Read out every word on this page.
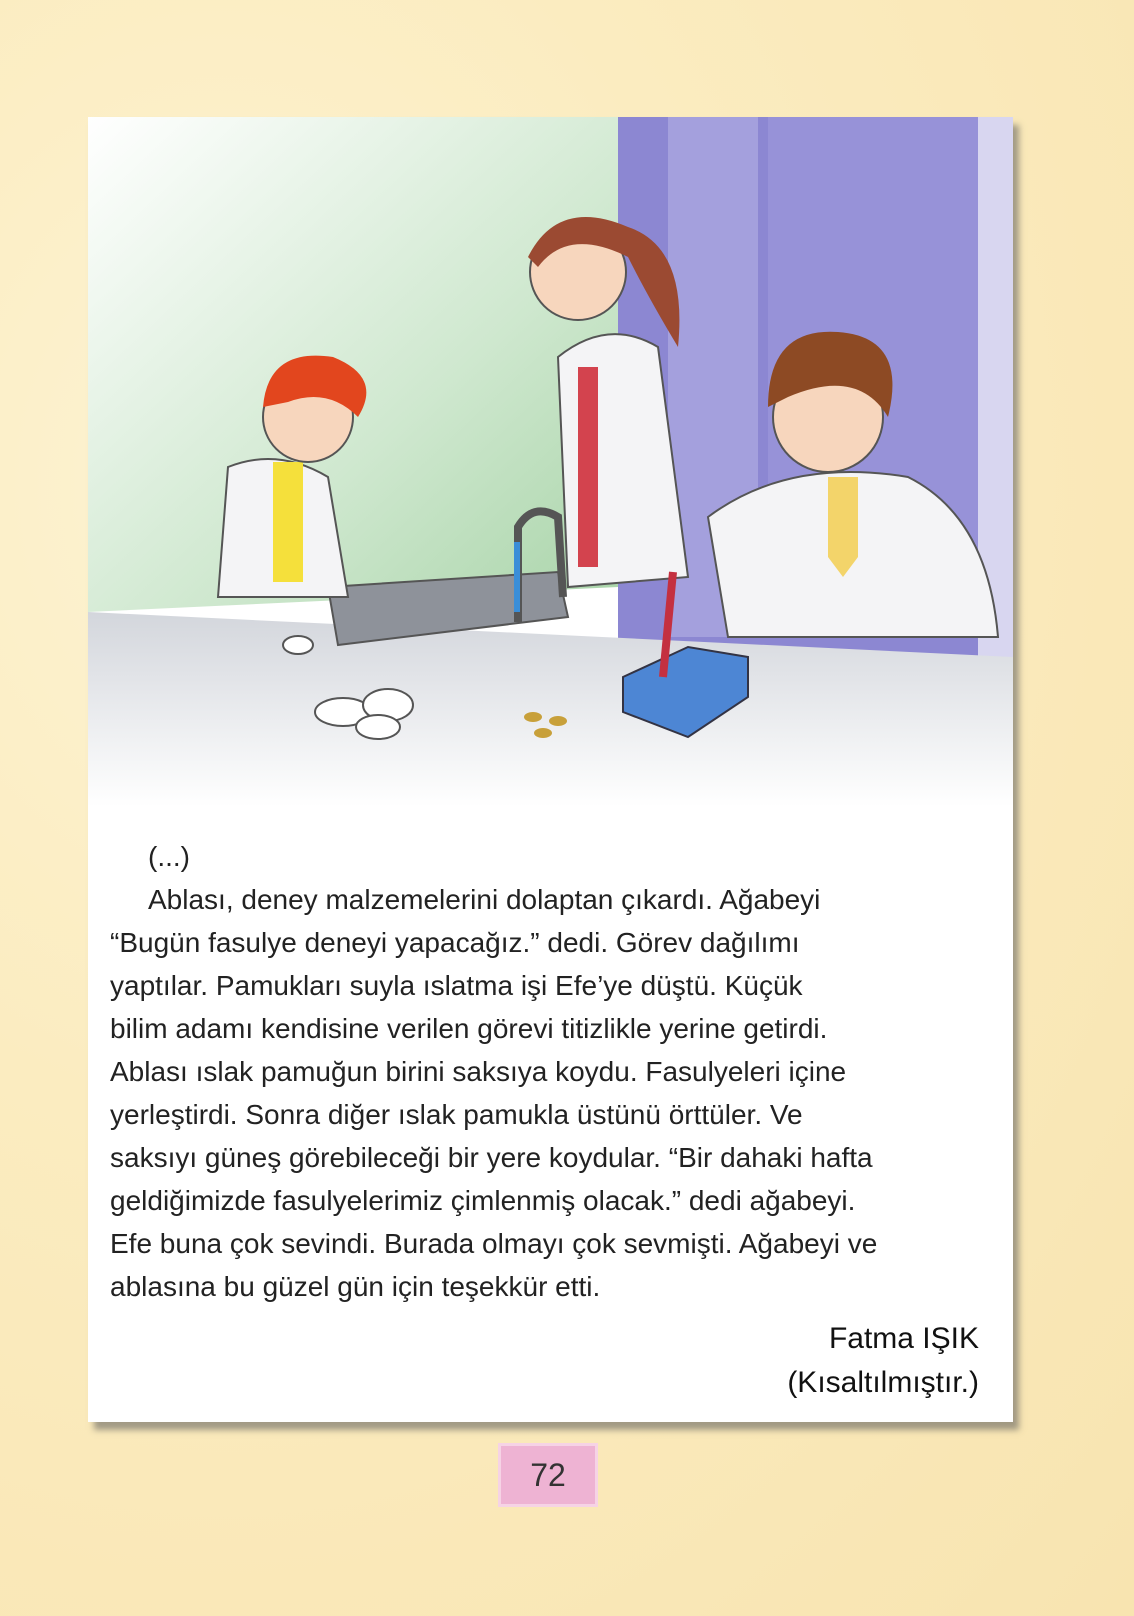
(...)

Ablası, deney malzemelerini dolaptan çıkardı. Ağabeyi

“Bugün fasulye deneyi yapacağız.” dedi. Görev dağılımı

yaptılar. Pamukları suyla ıslatma işi Efe’ye düştü. Küçük

bilim adamı kendisine verilen görevi titizlikle yerine getirdi.

Ablası ıslak pamuğun birini saksıya koydu. Fasulyeleri içine

yerleştirdi. Sonra diğer ıslak pamukla üstünü örttüler. Ve

saksıyı güneş görebileceği bir yere koydular. “Bir dahaki hafta

geldiğimizde fasulyelerimiz çimlenmiş olacak.” dedi ağabeyi.

Efe buna çok sevindi. Burada olmayı çok sevmişti. Ağabeyi ve

ablasına bu güzel gün için teşekkür etti.

Fatma IŞIK
(Kısaltılmıştır.)
72
